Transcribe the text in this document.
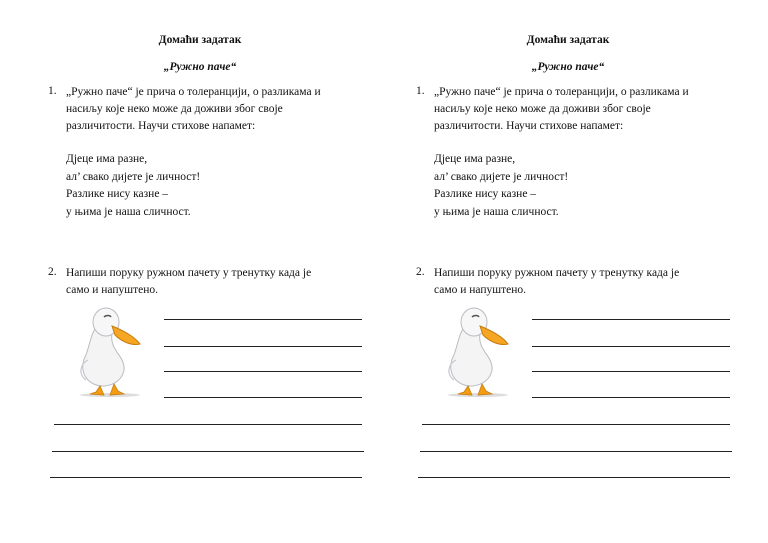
Домаћи задатак
„Ружно паче“
1. „Ружно паче“ је прича о толеранцији, о разликама и
насиљу које неко може да доживи због своје
различитости. Научи стихове напамет:
Дјеце има разне,
ал’ свако дијете је личност!
Разлике нису казне –
у њима је наша сличност.
2. Напиши поруку ружном пачету у тренутку када је
само и напуштено.
Домаћи задатак
„Ружно паче“
1. „Ружно паче“ је прича о толеранцији, о разликама и
насиљу које неко може да доживи због своје
различитости. Научи стихове напамет:
Дјеце има разне,
ал’ свако дијете је личност!
Разлике нису казне –
у њима је наша сличност.
2. Напиши поруку ружном пачету у тренутку када је
само и напуштено.
